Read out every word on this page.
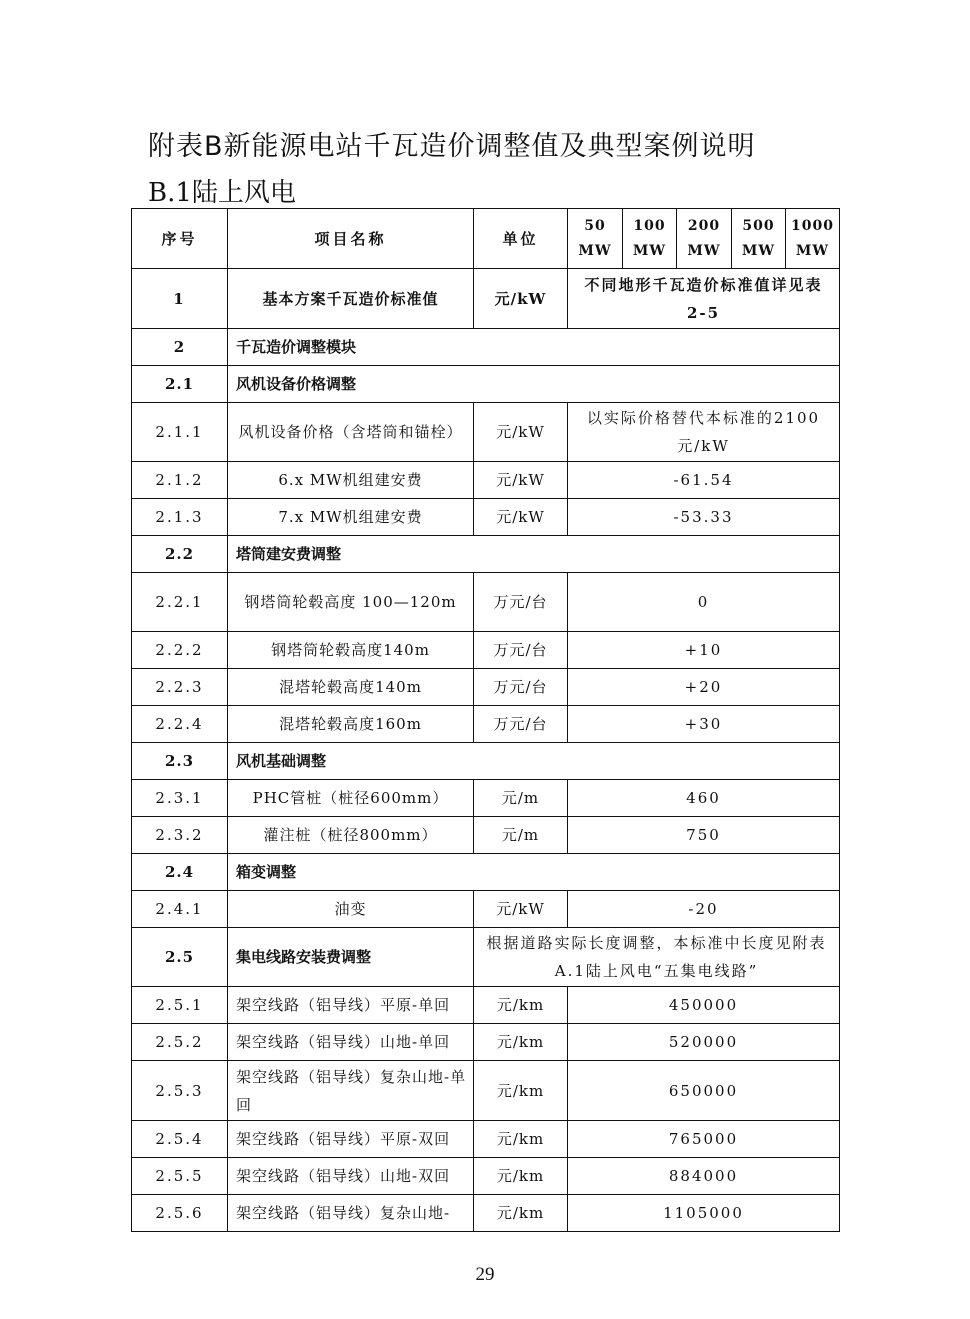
附表B新能源电站千瓦造价调整值及典型案例说明
B.1陆上风电
序号	项目名称	单位	50 MW	100 MW	200 MW	500 MW	1000 MW
1	基本方案千瓦造价标准值	元/kW	不同地形千瓦造价标准值详见表 2-5				
2	千瓦造价调整模块						
2.1	风机设备价格调整						
2.1.1	风机设备价格（含塔筒和锚栓）	元/kW	以实际价格替代本标准的2100元/kW				
2.1.2	6.x MW机组建安费	元/kW	-61.54				
2.1.3	7.x MW机组建安费	元/kW	-53.33				
2.2	塔筒建安费调整						
2.2.1	钢塔筒轮毂高度 100—120m	万元/台	0				
2.2.2	钢塔筒轮毂高度140m	万元/台	+10				
2.2.3	混塔轮毂高度140m	万元/台	+20				
2.2.4	混塔轮毂高度160m	万元/台	+30				
2.3	风机基础调整						
2.3.1	PHC管桩（桩径600mm）	元/m	460				
2.3.2	灌注桩（桩径800mm）	元/m	750				
2.4	箱变调整						
2.4.1	油变	元/kW	-20				
2.5	集电线路安装费调整	根据道路实际长度调整，本标准中长度见附表A.1陆上风电“五集电线路”					
2.5.1	架空线路（铝导线）平原-单回	元/km	450000				
2.5.2	架空线路（铝导线）山地-单回	元/km	520000				
2.5.3	架空线路（铝导线）复杂山地-单回	元/km	650000				
2.5.4	架空线路（铝导线）平原-双回	元/km	765000				
2.5.5	架空线路（铝导线）山地-双回	元/km	884000				
2.5.6	架空线路（铝导线）复杂山地-	元/km	1105000				

29
